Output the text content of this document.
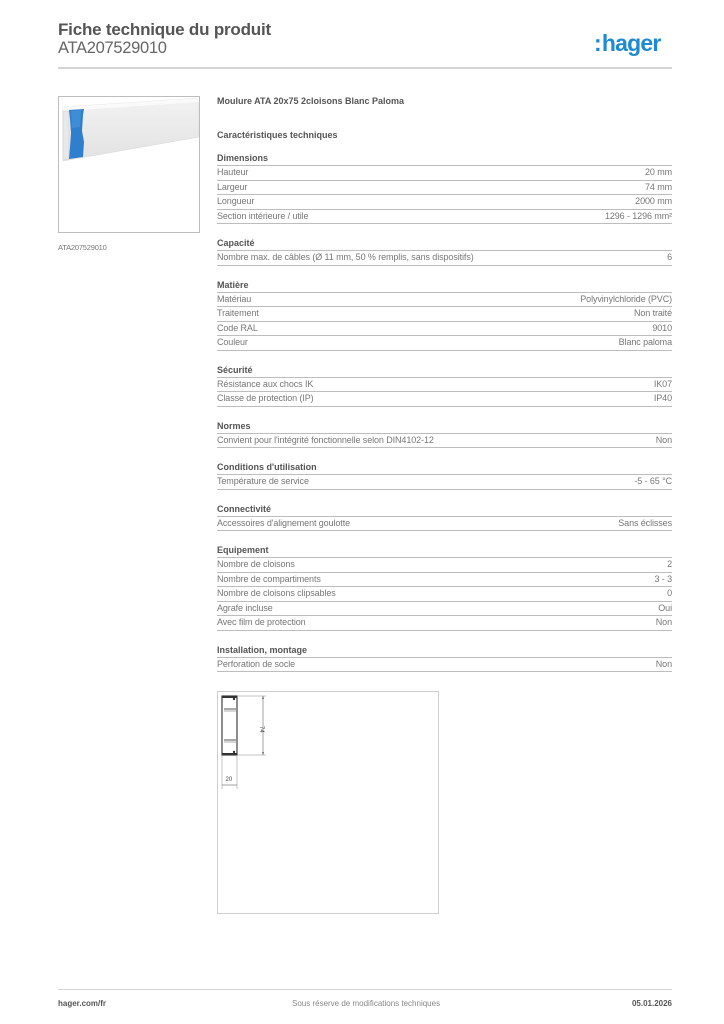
Fiche technique du produit
ATA207529010	:hager
ATA207529010
Moulure ATA 20x75 2cloisons Blanc Paloma
Caractéristiques techniques
Dimensions
Hauteur	20 mm
Largeur	74 mm
Longueur	2000 mm
Section intérieure / utile	1296 - 1296 mm²
Capacité
Nombre max. de câbles (Ø 11 mm, 50 % remplis, sans dispositifs)	6
Matière
Matériau	Polyvinylchloride (PVC)
Traitement	Non traité
Code RAL	9010
Couleur	Blanc paloma
Sécurité
Résistance aux chocs IK	IK07
Classe de protection (IP)	IP40
Normes
Convient pour l'intégrité fonctionnelle selon DIN4102-12	Non
Conditions d'utilisation
Température de service	-5 - 65 °C
Connectivité
Accessoires d'alignement goulotte	Sans éclisses
Equipement
Nombre de cloisons	2
Nombre de compartiments	3 - 3
Nombre de cloisons clipsables	0
Agrafe incluse	Oui
Avec film de protection	Non
Installation, montage
Perforation de socle	Non
74
20
hager.com/fr	Sous réserve de modifications techniques	05.01.2026
